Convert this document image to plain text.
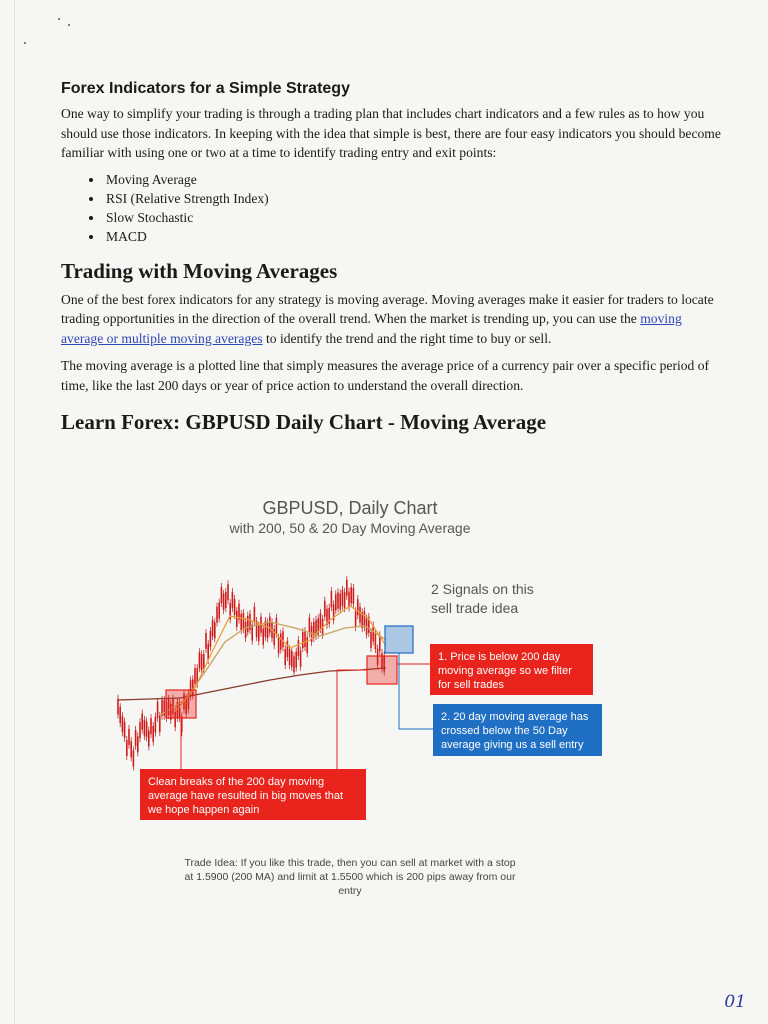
Forex Indicators for a Simple Strategy

One way to simplify your trading is through a trading plan that includes chart indicators and a few rules as to how you should use those indicators. In keeping with the idea that simple is best, there are four easy indicators you should become familiar with using one or two at a time to identify trading entry and exit points:

• Moving Average
• RSI (Relative Strength Index)
• Slow Stochastic
• MACD
Trading with Moving Averages

One of the best forex indicators for any strategy is moving average. Moving averages make it easier for traders to locate trading opportunities in the direction of the overall trend. When the market is trending up, you can use the moving average or multiple moving averages to identify the trend and the right time to buy or sell.

The moving average is a plotted line that simply measures the average price of a currency pair over a specific period of time, like the last 200 days or year of price action to understand the overall direction.

Learn Forex: GBPUSD Daily Chart - Moving Average
GBPUSD, Daily Chart
with 200, 50 & 20 Day Moving Average
2 Signals on this
sell trade idea
1. Price is below 200 day moving average so we filter for sell trades
2. 20 day moving average has crossed below the 50 Day average giving us a sell entry
Clean breaks of the 200 day moving average have resulted in big moves that we hope happen again
Trade Idea: If you like this trade, then you can sell at market with a stop at 1.5900 (200 MA) and limit at 1.5500 which is 200 pips away from our entry
01
